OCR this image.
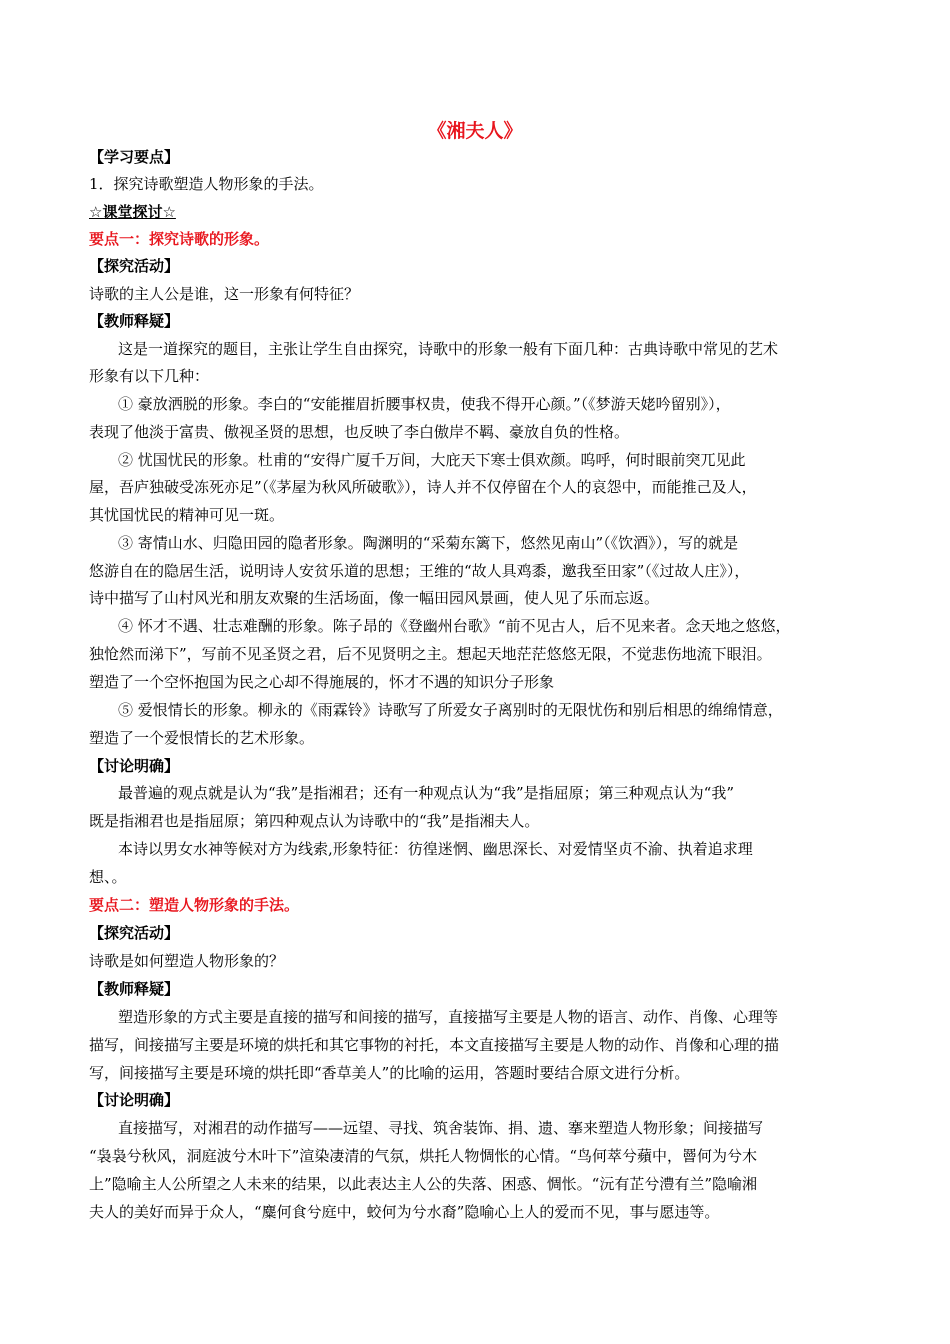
《湘夫人》
【学习要点】
1．探究诗歌塑造人物形象的手法。
☆课堂探讨☆
要点一：探究诗歌的形象。
【探究活动】
诗歌的主人公是谁，这一形象有何特征？
【教师释疑】
这是一道探究的题目，主张让学生自由探究，诗歌中的形象一般有下面几种：古典诗歌中常见的艺术
形象有以下几种：
① 豪放洒脱的形象。李白的“安能摧眉折腰事权贵，使我不得开心颜。”（《梦游天姥吟留别》），
表现了他淡于富贵、傲视圣贤的思想，也反映了李白傲岸不羁、豪放自负的性格。
② 忧国忧民的形象。杜甫的“安得广厦千万间，大庇天下寒士俱欢颜。呜呼，何时眼前突兀见此
屋，吾庐独破受冻死亦足”（《茅屋为秋风所破歌》），诗人并不仅停留在个人的哀怨中，而能推己及人，
其忧国忧民的精神可见一斑。
③ 寄情山水、归隐田园的隐者形象。陶渊明的“采菊东篱下，悠然见南山”（《饮酒》），写的就是
悠游自在的隐居生活，说明诗人安贫乐道的思想；王维的“故人具鸡黍，邀我至田家”（《过故人庄》），
诗中描写了山村风光和朋友欢聚的生活场面，像一幅田园风景画，使人见了乐而忘返。
④ 怀才不遇、壮志难酬的形象。陈子昂的《登幽州台歌》“前不见古人，后不见来者。念天地之悠悠，
独怆然而涕下”，写前不见圣贤之君，后不见贤明之主。想起天地茫茫悠悠无限，不觉悲伤地流下眼泪。
塑造了一个空怀抱国为民之心却不得施展的，怀才不遇的知识分子形象
⑤ 爱恨情长的形象。柳永的《雨霖铃》诗歌写了所爱女子离别时的无限忧伤和别后相思的绵绵情意，
塑造了一个爱恨情长的艺术形象。
【讨论明确】
最普遍的观点就是认为“我”是指湘君；还有一种观点认为“我”是指屈原；第三种观点认为“我”
既是指湘君也是指屈原；第四种观点认为诗歌中的“我”是指湘夫人。
本诗以男女水神等候对方为线索,形象特征：彷徨迷惘、幽思深长、对爱情坚贞不渝、执着追求理
想、。
要点二：塑造人物形象的手法。
【探究活动】
诗歌是如何塑造人物形象的？
【教师释疑】
塑造形象的方式主要是直接的描写和间接的描写，直接描写主要是人物的语言、动作、肖像、心理等
描写，间接描写主要是环境的烘托和其它事物的衬托，本文直接描写主要是人物的动作、肖像和心理的描
写，间接描写主要是环境的烘托即“香草美人”的比喻的运用，答题时要结合原文进行分析。
【讨论明确】
直接描写，对湘君的动作描写——远望、寻找、筑舍装饰、捐、遗、搴来塑造人物形象；间接描写
“袅袅兮秋风，洞庭波兮木叶下”渲染凄清的气氛，烘托人物惆怅的心情。“鸟何萃兮蘋中，罾何为兮木
上”隐喻主人公所望之人未来的结果，以此表达主人公的失落、困惑、惆怅。“沅有芷兮澧有兰”隐喻湘
夫人的美好而异于众人，“麋何食兮庭中，蛟何为兮水裔”隐喻心上人的爱而不见，事与愿违等。
